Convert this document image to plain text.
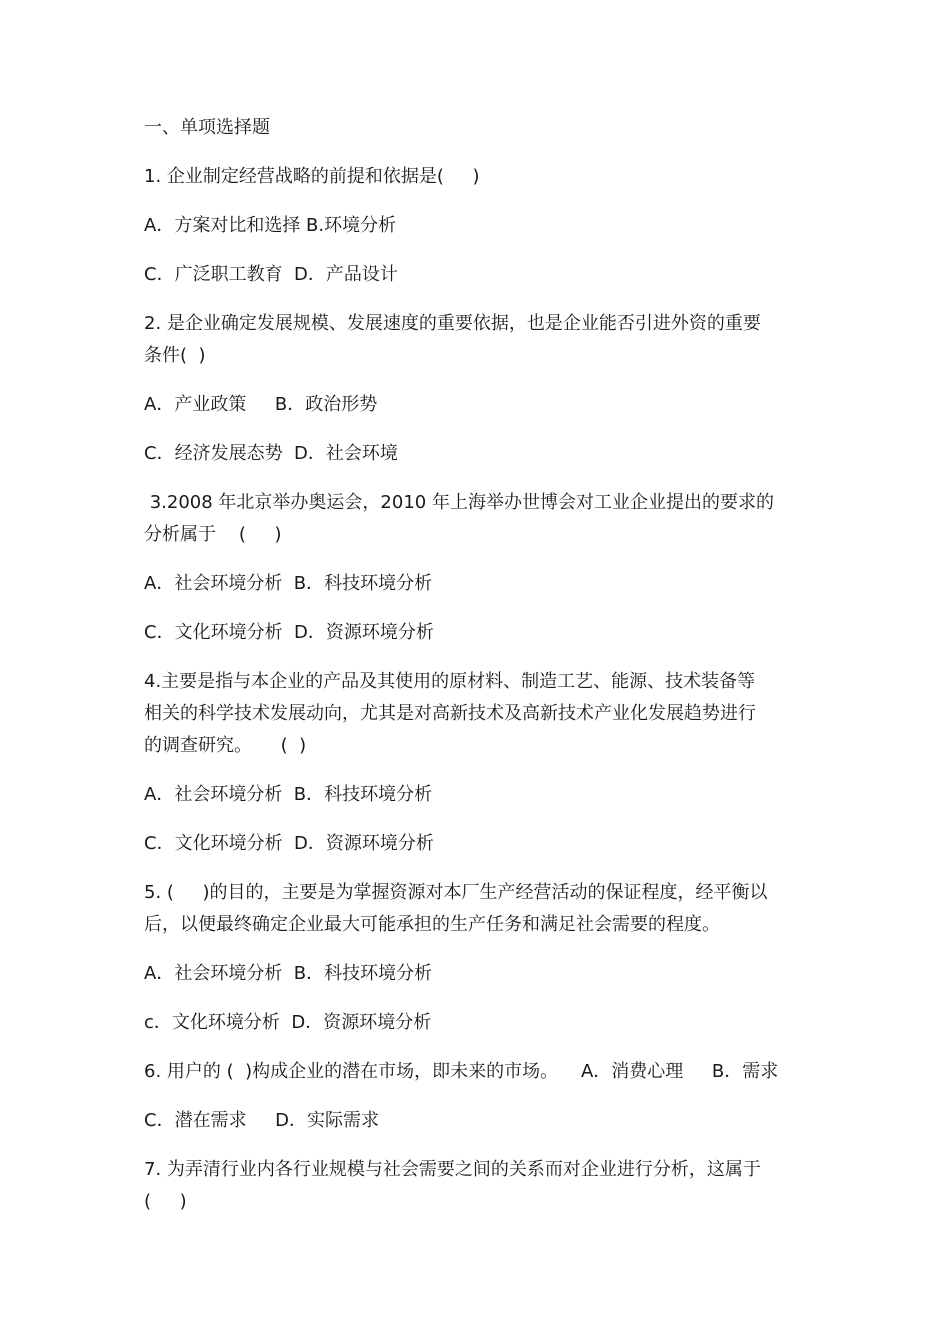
一、单项选择题

1. 企业制定经营战略的前提和依据是(     )

A．方案对比和选择 B.环境分析

C．广泛职工教育  D．产品设计

2. 是企业确定发展规模、发展速度的重要依据，也是企业能否引进外资的重要

条件(  )

A．产业政策     B．政治形势

C．经济发展态势  D．社会环境

3.2008 年北京举办奥运会，2010 年上海举办世博会对工业企业提出的要求的

分析属于    (     )

A．社会环境分析  B．科技环境分析

C．文化环境分析  D．资源环境分析

4.主要是指与本企业的产品及其使用的原材料、制造工艺、能源、技术装备等

相关的科学技术发展动向，尤其是对高新技术及高新技术产业化发展趋势进行

的调查研究。     (  )

A．社会环境分析  B．科技环境分析

C．文化环境分析  D．资源环境分析

5. (     )的目的，主要是为掌握资源对本厂生产经营活动的保证程度，经平衡以

后，以便最终确定企业最大可能承担的生产任务和满足社会需要的程度。

A．社会环境分析  B．科技环境分析

c．文化环境分析  D．资源环境分析

6. 用户的 (  )构成企业的潜在市场，即未来的市场。    A．消费心理     B．需求

C．潜在需求     D．实际需求

7. 为弄清行业内各行业规模与社会需要之间的关系而对企业进行分析，这属于

(     )
